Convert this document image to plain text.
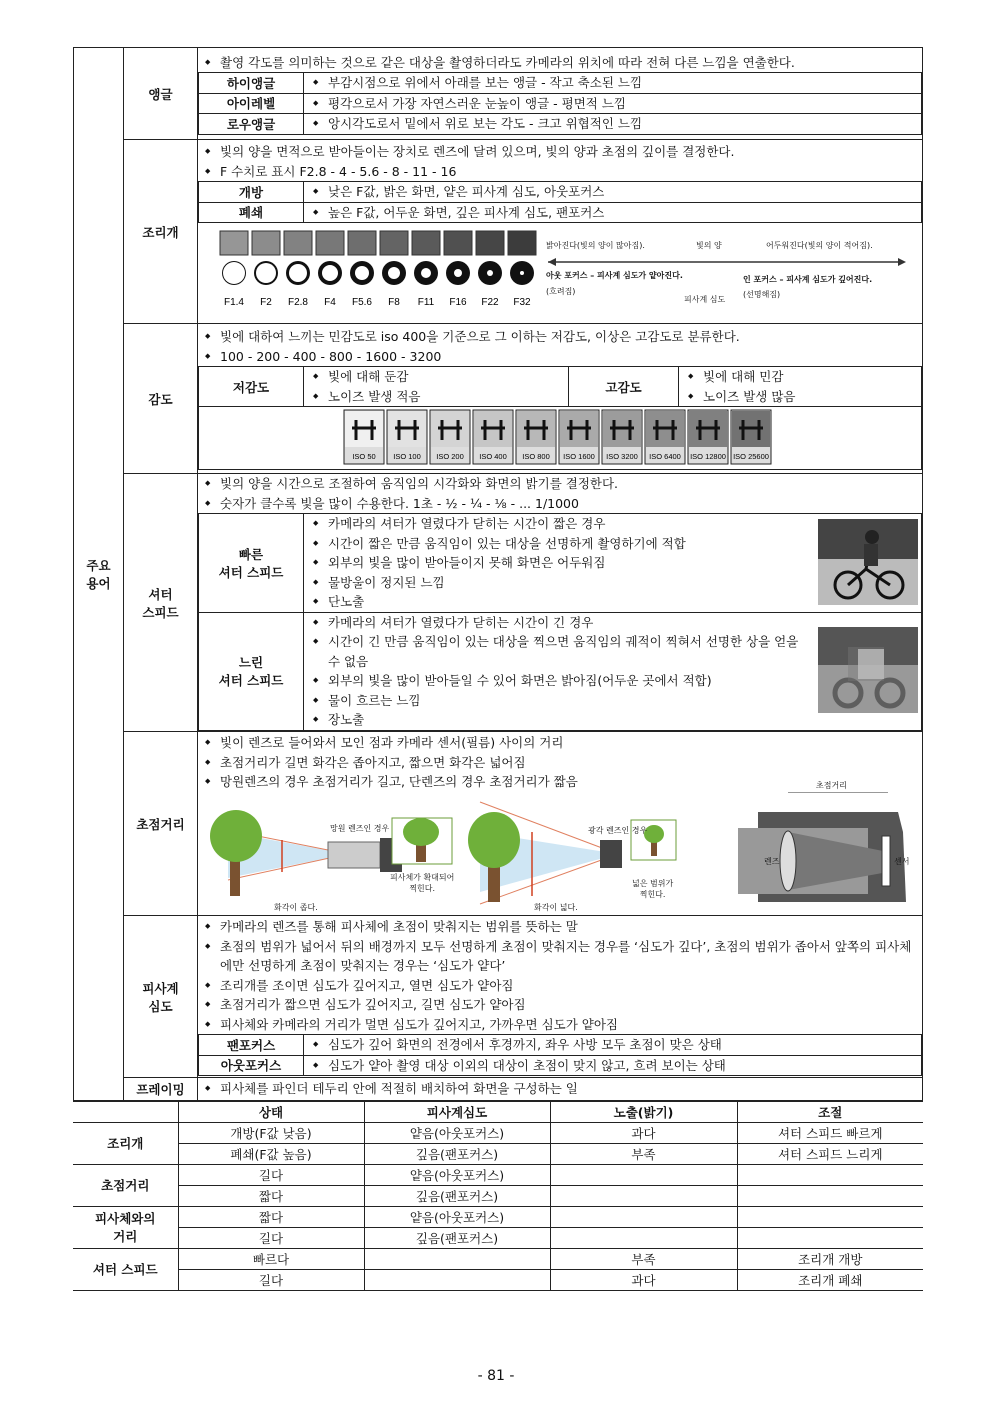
주요
용어	앵글	
◆ 촬영 각도를 의미하는 것으로 같은 대상을 촬영하더라도 카메라의 위치에 따라 전혀 다른 느낌을 연출한다.
하이앵글	
◆부감시점으로 위에서 아래를 보는 앵글 - 작고 축소된 느낌

아이레벨	
◆평각으로서 가장 자연스러운 눈높이 앵글 - 평면적 느낌

로우앵글	
◆앙시각도로서 밑에서 위로 보는 각도 - 크고 위협적인 느낌

조리개	
◆ 빛의 양을 면적으로 받아들이는 장치로 렌즈에 달려 있으며, 빛의 양과 초점의 깊이를 결정한다.
◆ F 수치로 표시 F2.8 - 4 - 5.6 - 8 - 11 - 16
개방	
◆낮은 F값, 밝은 화면, 얕은 피사계 심도, 아웃포커스

폐쇄	
◆높은 F값, 어두운 화면, 깊은 피사계 심도, 팬포커스
F1.4 F2 F2.8 F4 F5.6 F8 F11 F16 F22 F32
밝아진다(빛의 양이 많아짐).	빛의 양	어두워진다(빛의 양이 적어짐).
아웃 포커스 – 피사계 심도가 얕아진다.
(흐려짐)
피사계 심도
인 포커스 – 피사계 심도가 깊어진다.
(선명해짐)

감도	
◆ 빛에 대하여 느끼는 민감도로 iso 400을 기준으로 그 이하는 저감도, 이상은 고감도로 분류한다.
◆ 100 - 200 - 400 - 800 - 1600 - 3200
저감도	
◆ 빛에 대해 둔감
◆ 노이즈 발생 적음
	고감도	
◆ 빛에 대해 민감
◆ 노이즈 발생 많음

ISO 50 ISO 100 ISO 200 ISO 400 ISO 800 ISO 1600 ISO 3200 ISO 6400 ISO 12800 ISO 25600

셔터
스피드	
◆ 빛의 양을 시간으로 조절하여 움직임의 시각화와 화면의 밝기를 결정한다.
◆ 숫자가 클수록 빛을 많이 수용한다. 1초 - ½ - ¼ - ⅛ - ... 1/1000
빠른
셔터 스피드	
◆ 카메라의 셔터가 열렸다가 닫히는 시간이 짧은 경우
◆ 시간이 짧은 만큼 움직임이 있는 대상을 선명하게 촬영하기에 적합
◆ 외부의 빛을 많이 받아들이지 못해 화면은 어두워짐
◆ 물방울이 정지된 느낌
◆ 단노출

느린
셔터 스피드	
◆ 카메라의 셔터가 열렸다가 닫히는 시간이 긴 경우
◆ 시간이 긴 만큼 움직임이 있는 대상을 찍으면 움직임의 궤적이 찍혀서 선명한 상을 얻을 수 없음
◆ 외부의 빛을 많이 받아들일 수 있어 화면은 밝아짐(어두운 곳에서 적합)
◆ 물이 흐르는 느낌
◆ 장노출

초점거리	
◆ 빛이 렌즈로 들어와서 모인 점과 카메라 센서(필름) 사이의 거리
◆ 초점거리가 길면 화각은 좁아지고, 짧으면 화각은 넓어짐
◆ 망원렌즈의 경우 초점거리가 길고, 단렌즈의 경우 초점거리가 짧음
망원 렌즈인 경우
화각이 좁다.
피사체가 확대되어
찍힌다.
광각 렌즈인 경우
화각이 넓다.
넓은 범위가
찍힌다.
초점거리
렌즈	센서

피사계
심도	
◆ 카메라의 렌즈를 통해 피사체에 초점이 맞춰지는 범위를 뜻하는 말
◆ 초점의 범위가 넓어서 뒤의 배경까지 모두 선명하게 초점이 맞춰지는 경우를 ‘심도가 깊다’, 초점의 범위가 좁아서 앞쪽의 피사체에만 선명하게 초점이 맞춰지는 경우는 ‘심도가 얕다’
◆ 조리개를 조이면 심도가 깊어지고, 열면 심도가 얕아짐
◆ 초점거리가 짧으면 심도가 깊어지고, 길면 심도가 얕아짐
◆ 피사체와 카메라의 거리가 멀면 심도가 깊어지고, 가까우면 심도가 얕아짐
팬포커스	
◆심도가 깊어 화면의 전경에서 후경까지, 좌우 사방 모두 초점이 맞은 상태

아웃포커스	
◆심도가 얕아 촬영 대상 이외의 대상이 초점이 맞지 않고, 흐려 보이는 상태

프레이밍	
◆피사체를 파인더 테두리 안에 적절히 배치하여 화면을 구성하는 일
	상태	피사계심도	노출(밝기)	조절
조리개	개방(F값 낮음)	얕음(아웃포커스)	과다	셔터 스피드 빠르게
	폐쇄(F값 높음)	깊음(팬포커스)	부족	셔터 스피드 느리게
초점거리	길다	얕음(아웃포커스)		
	짧다	깊음(팬포커스)		
피사체와의
거리	짧다	얕음(아웃포커스)		
	길다	깊음(팬포커스)		
셔터 스피드	빠르다		부족	조리개 개방
	길다		과다	조리개 폐쇄
- 81 -
